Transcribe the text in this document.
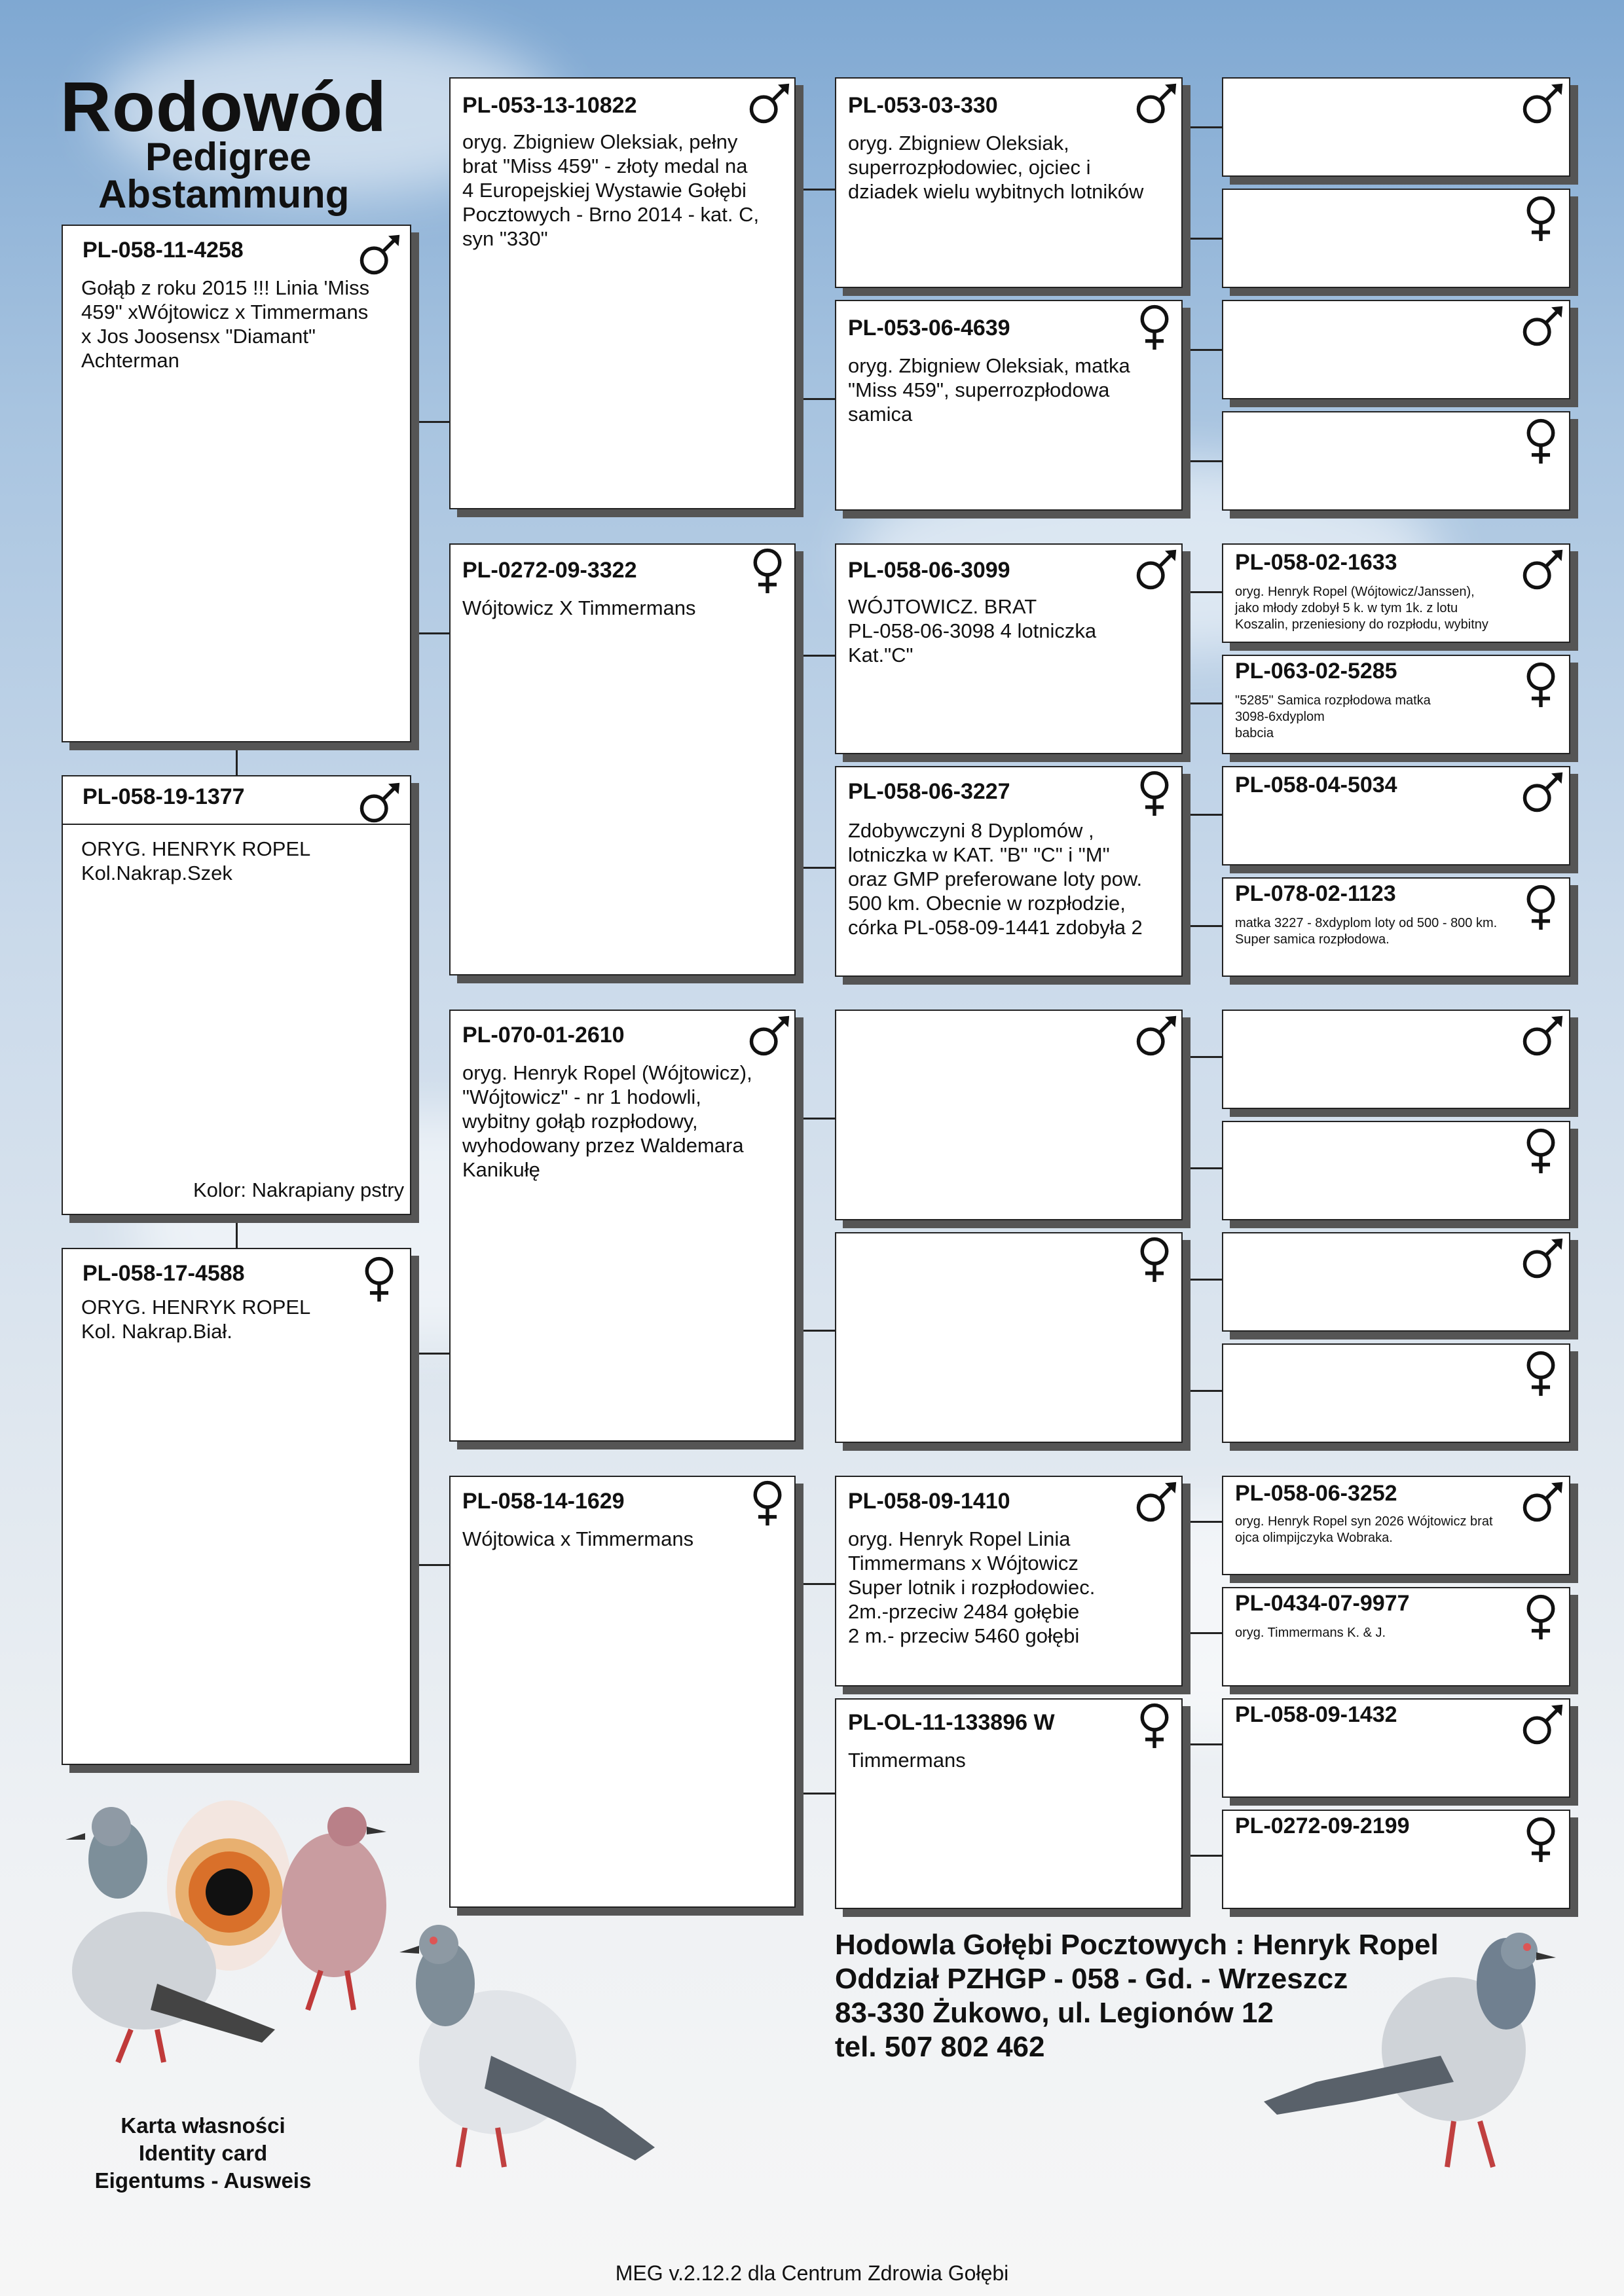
Rodowód
Pedigree
Abstammung
PL-058-11-4258
Gołąb z roku 2015 !!! Linia 'Miss
459" xWójtowicz x Timmermans
x Jos Joosensx "Diamant"
Achterman
PL-058-19-1377
ORYG. HENRYK ROPEL
Kol.Nakrap.Szek
Kolor: Nakrapiany pstry
PL-058-17-4588
ORYG. HENRYK ROPEL
Kol. Nakrap.Biał.
PL-053-13-10822
oryg. Zbigniew Oleksiak, pełny
brat "Miss 459" - złoty medal na
4 Europejskiej Wystawie Gołębi
Pocztowych - Brno 2014 - kat. C,
syn "330"
PL-0272-09-3322
Wójtowicz X Timmermans
PL-070-01-2610
oryg. Henryk Ropel (Wójtowicz),
"Wójtowicz" - nr 1 hodowli,
wybitny gołąb rozpłodowy,
wyhodowany przez Waldemara
Kanikułę
PL-058-14-1629
Wójtowica x Timmermans
PL-053-03-330
oryg. Zbigniew Oleksiak,
superrozpłodowiec, ojciec i
dziadek wielu wybitnych lotników
PL-053-06-4639
oryg. Zbigniew Oleksiak, matka
"Miss 459", superrozpłodowa
samica
PL-058-06-3099
WÓJTOWICZ. BRAT
PL-058-06-3098 4 lotniczka
Kat."C"
PL-058-06-3227
Zdobywczyni 8 Dyplomów ,
lotniczka w KAT. "B" "C" i "M"
oraz GMP preferowane loty pow.
500 km. Obecnie w rozpłodzie,
córka PL-058-09-1441 zdobyła 2
PL-058-09-1410
oryg. Henryk Ropel Linia
Timmermans x Wójtowicz
Super lotnik i rozpłodowiec.
2m.-przeciw 2484 gołębie
2 m.- przeciw 5460 gołębi
PL-OL-11-133896 W
Timmermans
PL-058-02-1633
oryg. Henryk Ropel (Wójtowicz/Janssen),
jako młody zdobył 5 k. w tym 1k. z lotu
Koszalin, przeniesiony do rozpłodu, wybitny
PL-063-02-5285
"5285" Samica rozpłodowa matka
3098-6xdyplom
babcia
PL-058-04-5034
PL-078-02-1123
matka 3227 - 8xdyplom loty od 500 - 800 km.
Super samica rozpłodowa.
PL-058-06-3252
oryg. Henryk Ropel syn 2026 Wójtowicz brat
ojca olimpijczyka Wobraka.
PL-0434-07-9977
oryg. Timmermans K. & J.
PL-058-09-1432
PL-0272-09-2199
Hodowla Gołębi Pocztowych : Henryk Ropel
Oddział PZHGP - 058 - Gd. - Wrzeszcz
83-330 Żukowo, ul. Legionów 12
tel. 507 802 462
Karta własności
Identity card
Eigentums - Ausweis
MEG v.2.12.2 dla Centrum Zdrowia Gołębi
